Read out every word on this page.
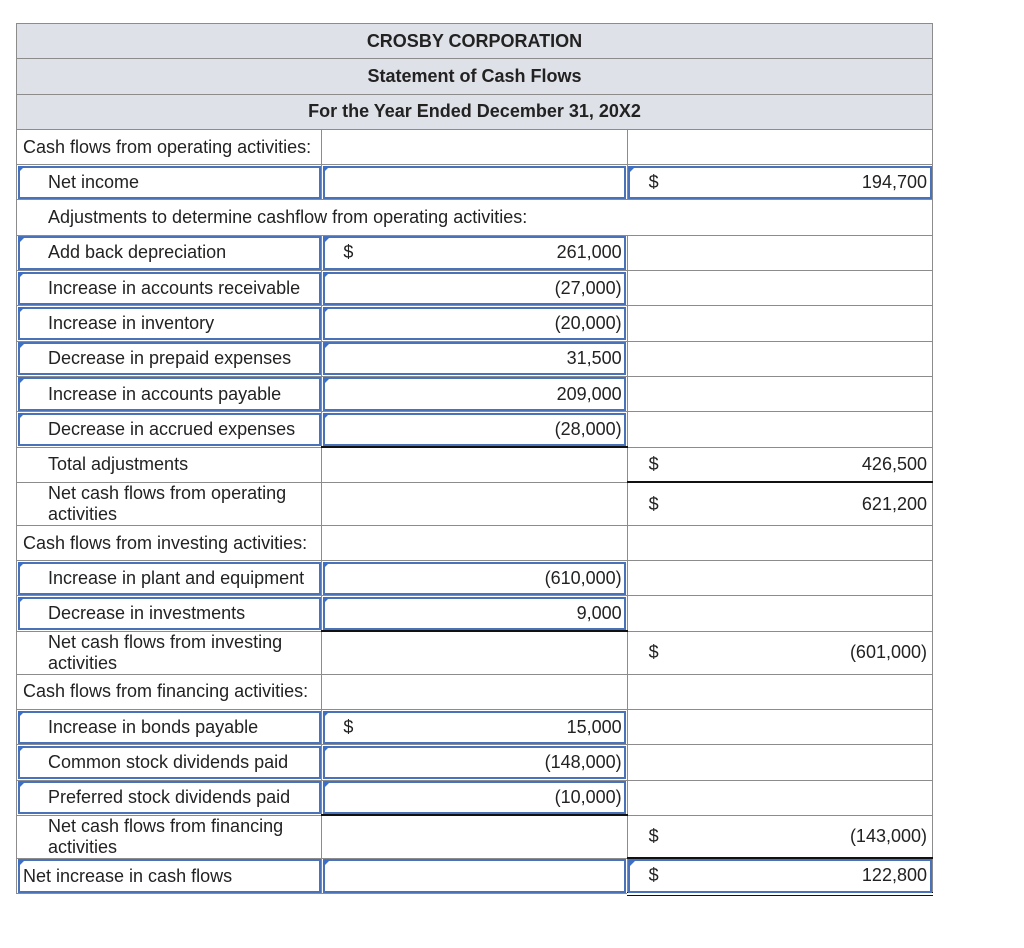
CROSBY CORPORATION		
Statement of Cash Flows		
For the Year Ended December 31, 20X2		
Cash flows from operating activities:	

Net income		$ 194,700

Adjustments to determine cashflow from operating activities:		
Add back depreciation	$ 261,000	

Increase in accounts receivable	(27,000)	

Increase in inventory	(20,000)	

Decrease in prepaid expenses	31,500	

Increase in accounts payable	209,000	

Decrease in accrued expenses	(28,000)	

Total adjustments		$ 426,500

Net cash flows from operating activities		$ 621,200

Cash flows from investing activities:	

Increase in plant and equipment	(610,000)	

Decrease in investments	9,000	

Net cash flows from investing activities		$ (601,000)

Cash flows from financing activities:	

Increase in bonds payable	$ 15,000	

Common stock dividends paid	(148,000)	

Preferred stock dividends paid	(10,000)	

Net cash flows from financing activities		$ (143,000)

Net increase in cash flows		$ 122,800
